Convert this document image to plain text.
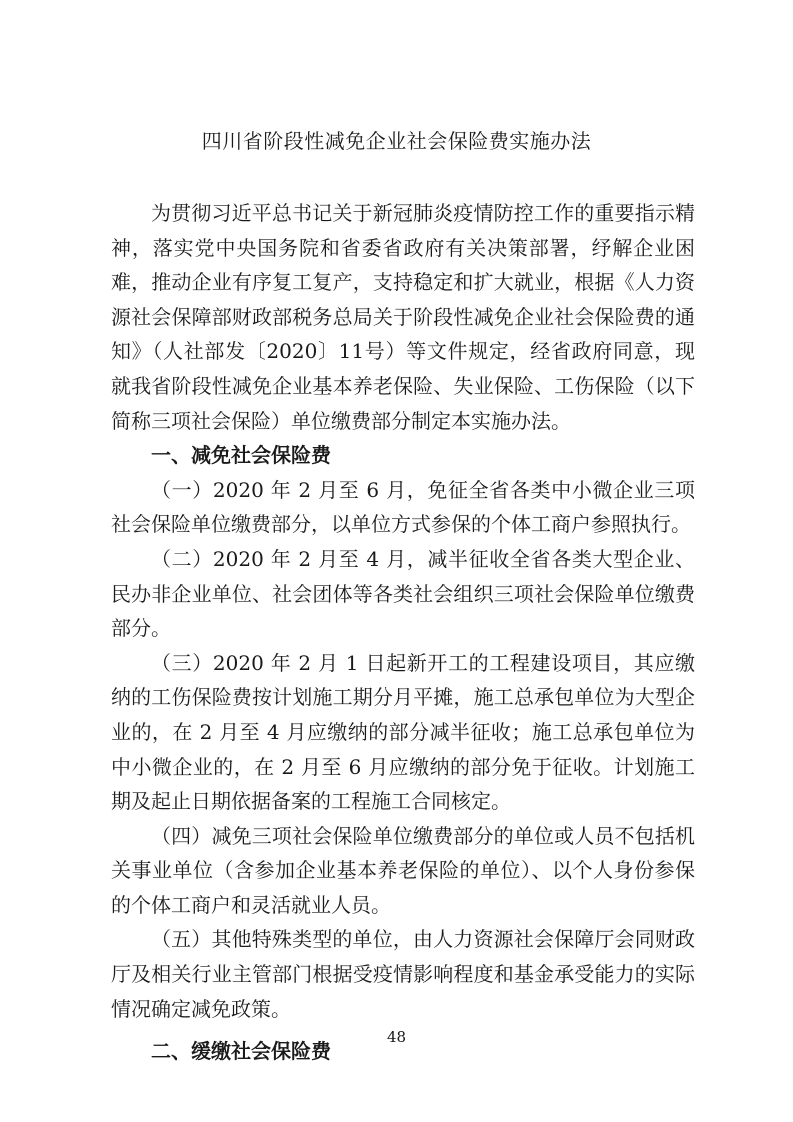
四川省阶段性减免企业社会保险费实施办法

为贯彻习近平总书记关于新冠肺炎疫情防控工作的重要指示精神，落实党中央国务院和省委省政府有关决策部署，纾解企业困难，推动企业有序复工复产，支持稳定和扩大就业，根据《人力资源社会保障部财政部税务总局关于阶段性减免企业社会保险费的通知》（人社部发〔2020〕11号）等文件规定，经省政府同意，现就我省阶段性减免企业基本养老保险、失业保险、工伤保险（以下简称三项社会保险）单位缴费部分制定本实施办法。

一、减免社会保险费

（一）2020 年 2 月至 6 月，免征全省各类中小微企业三项社会保险单位缴费部分，以单位方式参保的个体工商户参照执行。

（二）2020 年 2 月至 4 月，减半征收全省各类大型企业、民办非企业单位、社会团体等各类社会组织三项社会保险单位缴费部分。

（三）2020 年 2 月 1 日起新开工的工程建设项目，其应缴纳的工伤保险费按计划施工期分月平摊，施工总承包单位为大型企业的，在 2 月至 4 月应缴纳的部分减半征收；施工总承包单位为中小微企业的，在 2 月至 6 月应缴纳的部分免于征收。计划施工期及起止日期依据备案的工程施工合同核定。

（四）减免三项社会保险单位缴费部分的单位或人员不包括机关事业单位（含参加企业基本养老保险的单位）、以个人身份参保的个体工商户和灵活就业人员。

（五）其他特殊类型的单位，由人力资源社会保障厅会同财政厅及相关行业主管部门根据受疫情影响程度和基金承受能力的实际情况确定减免政策。

二、缓缴社会保险费

48
